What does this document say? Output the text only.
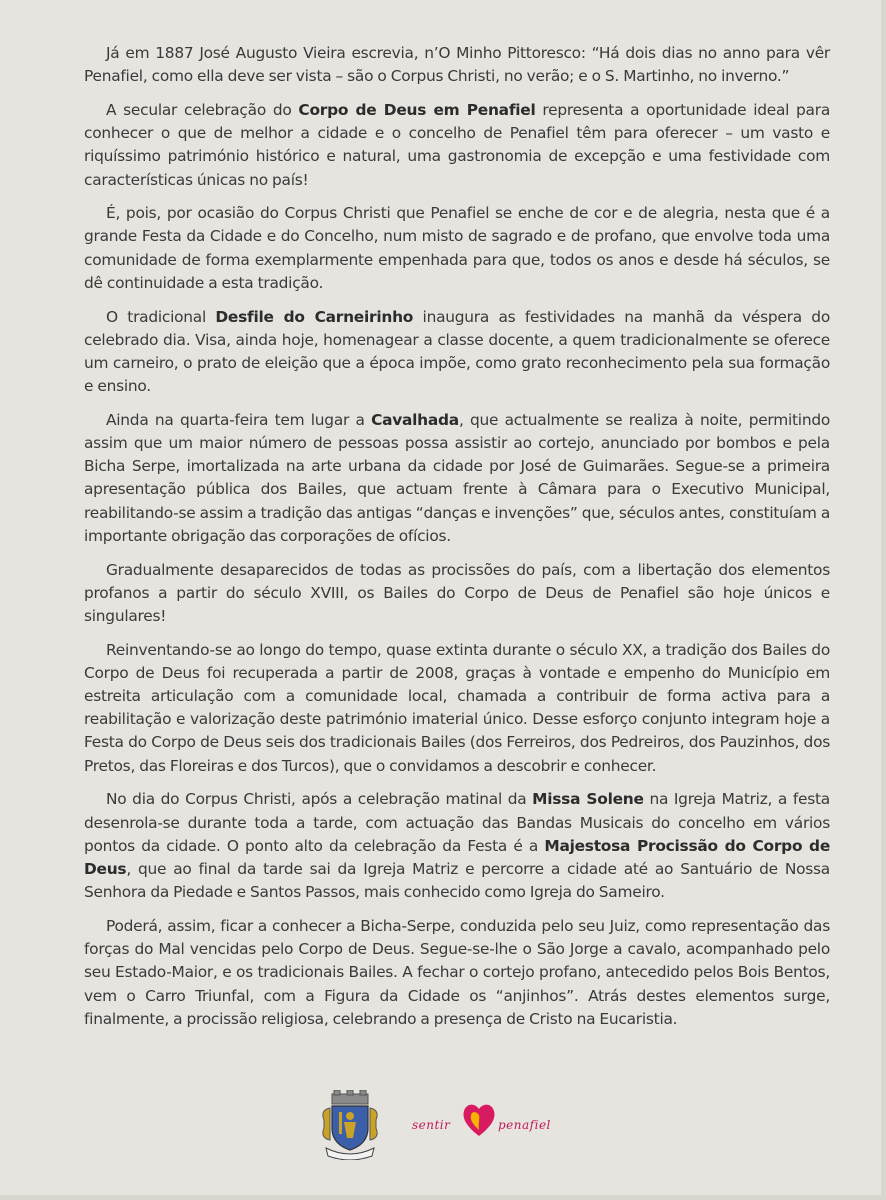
Já em 1887 José Augusto Vieira escrevia, n’O Minho Pittoresco: “Há dois dias no anno para vêr Penafiel, como ella deve ser vista – são o Corpus Christi, no verão; e o S. Martinho, no inverno.”

A secular celebração do Corpo de Deus em Penafiel representa a oportunidade ideal para conhecer o que de melhor a cidade e o concelho de Penafiel têm para oferecer – um vasto e riquíssimo património histórico e natural, uma gastronomia de excepção e uma festividade com características únicas no país!

É, pois, por ocasião do Corpus Christi que Penafiel se enche de cor e de alegria, nesta que é a grande Festa da Cidade e do Concelho, num misto de sagrado e de profano, que envolve toda uma comunidade de forma exemplarmente empenhada para que, todos os anos e desde há séculos, se dê continuidade a esta tradição.

O tradicional Desfile do Carneirinho inaugura as festividades na manhã da véspera do celebrado dia. Visa, ainda hoje, homenagear a classe docente, a quem tradicionalmente se oferece um carneiro, o prato de eleição que a época impõe, como grato reconhecimento pela sua formação e ensino.

Ainda na quarta-feira tem lugar a Cavalhada, que actualmente se realiza à noite, permitindo assim que um maior número de pessoas possa assistir ao cortejo, anunciado por bombos e pela Bicha Serpe, imortalizada na arte urbana da cidade por José de Guimarães. Segue-se a primeira apresentação pública dos Bailes, que actuam frente à Câmara para o Executivo Municipal, reabilitando-se assim a tradição das antigas “danças e invenções” que, séculos antes, constituíam a importante obrigação das corporações de ofícios.

Gradualmente desaparecidos de todas as procissões do país, com a libertação dos elementos profanos a partir do século XVIII, os Bailes do Corpo de Deus de Penafiel são hoje únicos e singulares!

Reinventando-se ao longo do tempo, quase extinta durante o século XX, a tradição dos Bailes do Corpo de Deus foi recuperada a partir de 2008, graças à vontade e empenho do Município em estreita articulação com a comunidade local, chamada a contribuir de forma activa para a reabilitação e valorização deste património imaterial único. Desse esforço conjunto integram hoje a Festa do Corpo de Deus seis dos tradicionais Bailes (dos Ferreiros, dos Pedreiros, dos Pauzinhos, dos Pretos, das Floreiras e dos Turcos), que o convidamos a descobrir e conhecer.

No dia do Corpus Christi, após a celebração matinal da Missa Solene na Igreja Matriz, a festa desenrola-se durante toda a tarde, com actuação das Bandas Musicais do concelho em vários pontos da cidade. O ponto alto da celebração da Festa é a Majestosa Procissão do Corpo de Deus, que ao final da tarde sai da Igreja Matriz e percorre a cidade até ao Santuário de Nossa Senhora da Piedade e Santos Passos, mais conhecido como Igreja do Sameiro.

Poderá, assim, ficar a conhecer a Bicha-Serpe, conduzida pelo seu Juiz, como representação das forças do Mal vencidas pelo Corpo de Deus. Segue-se-lhe o São Jorge a cavalo, acompanhado pelo seu Estado-Maior, e os tradicionais Bailes. A fechar o cortejo profano, antecedido pelos Bois Bentos, vem o Carro Triunfal, com a Figura da Cidade os “anjinhos”. Atrás destes elementos surge, finalmente, a procissão religiosa, celebrando a presença de Cristo na Eucaristia.

sentir	penafiel
